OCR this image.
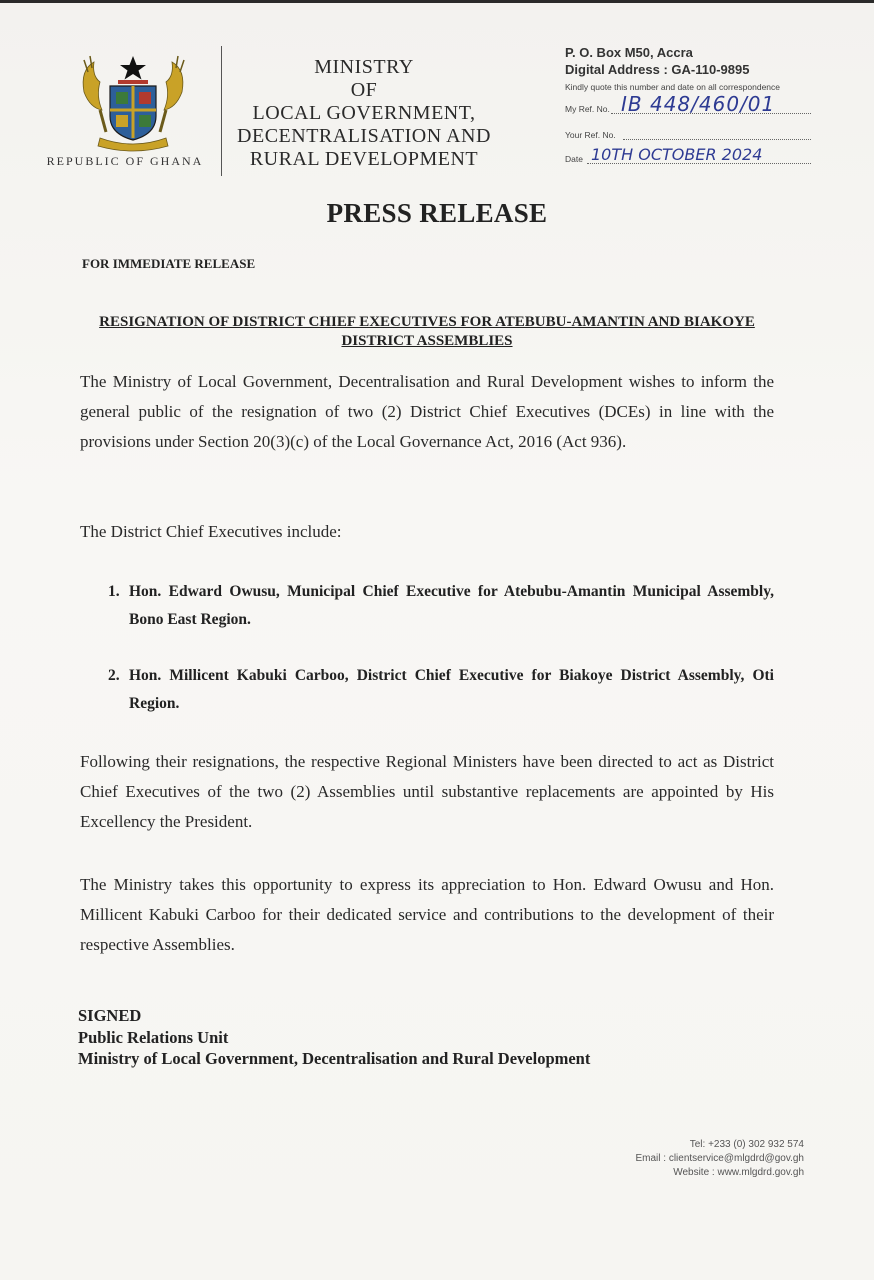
REPUBLIC OF GHANA
MINISTRY
OF
LOCAL GOVERNMENT,
DECENTRALISATION AND
RURAL DEVELOPMENT
P. O. Box M50, Accra
Digital Address : GA-110-9895
Kindly quote this number and date on all correspondence
My Ref. No. IB 448/460/01
Your Ref. No.
Date 10TH OCTOBER 2024
PRESS RELEASE
FOR IMMEDIATE RELEASE
RESIGNATION OF DISTRICT CHIEF EXECUTIVES FOR ATEBUBU-AMANTIN AND BIAKOYE DISTRICT ASSEMBLIES
The Ministry of Local Government, Decentralisation and Rural Development wishes to inform the general public of the resignation of two (2) District Chief Executives (DCEs) in line with the provisions under Section 20(3)(c) of the Local Governance Act, 2016 (Act 936).
The District Chief Executives include:
1. Hon. Edward Owusu, Municipal Chief Executive for Atebubu-Amantin Municipal Assembly, Bono East Region.
2. Hon. Millicent Kabuki Carboo, District Chief Executive for Biakoye District Assembly, Oti Region.
Following their resignations, the respective Regional Ministers have been directed to act as District Chief Executives of the two (2) Assemblies until substantive replacements are appointed by His Excellency the President.
The Ministry takes this opportunity to express its appreciation to Hon. Edward Owusu and Hon. Millicent Kabuki Carboo for their dedicated service and contributions to the development of their respective Assemblies.
SIGNED
Public Relations Unit
Ministry of Local Government, Decentralisation and Rural Development
Tel: +233 (0) 302 932 574
Email : clientservice@mlgdrd@gov.gh
Website : www.mlgdrd.gov.gh
